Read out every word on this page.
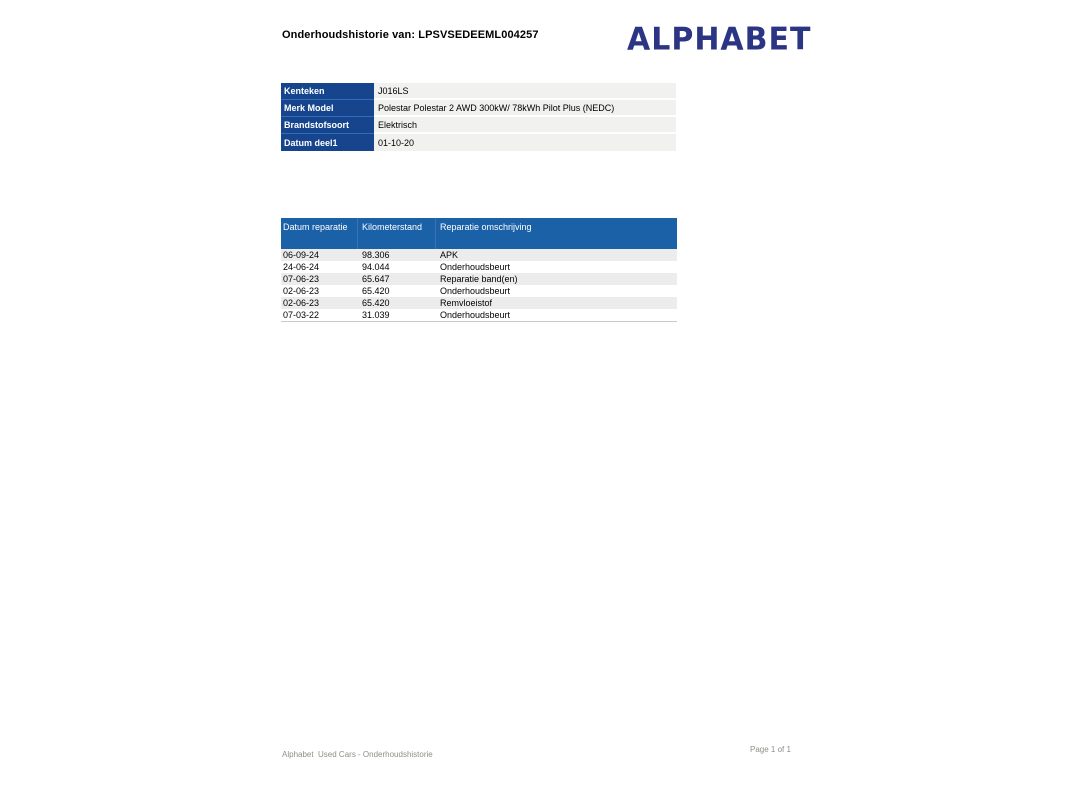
Onderhoudshistorie van: LPSVSEDEEML004257	ALPHABET
Kenteken	J016LS
Merk Model	Polestar Polestar 2 AWD 300kW/ 78kWh Pilot Plus (NEDC)
Brandstofsoort	Elektrisch
Datum deel1	01-10-20
Datum reparatie	Kilometerstand	Reparatie omschrijving
06-09-24	98.306	APK
24-06-24	94.044	Onderhoudsbeurt
07-06-23	65.647	Reparatie band(en)
02-06-23	65.420	Onderhoudsbeurt
02-06-23	65.420	Remvloeistof
07-03-22	31.039	Onderhoudsbeurt
Alphabet  Used Cars - Onderhoudshistorie
Page 1 of 1
